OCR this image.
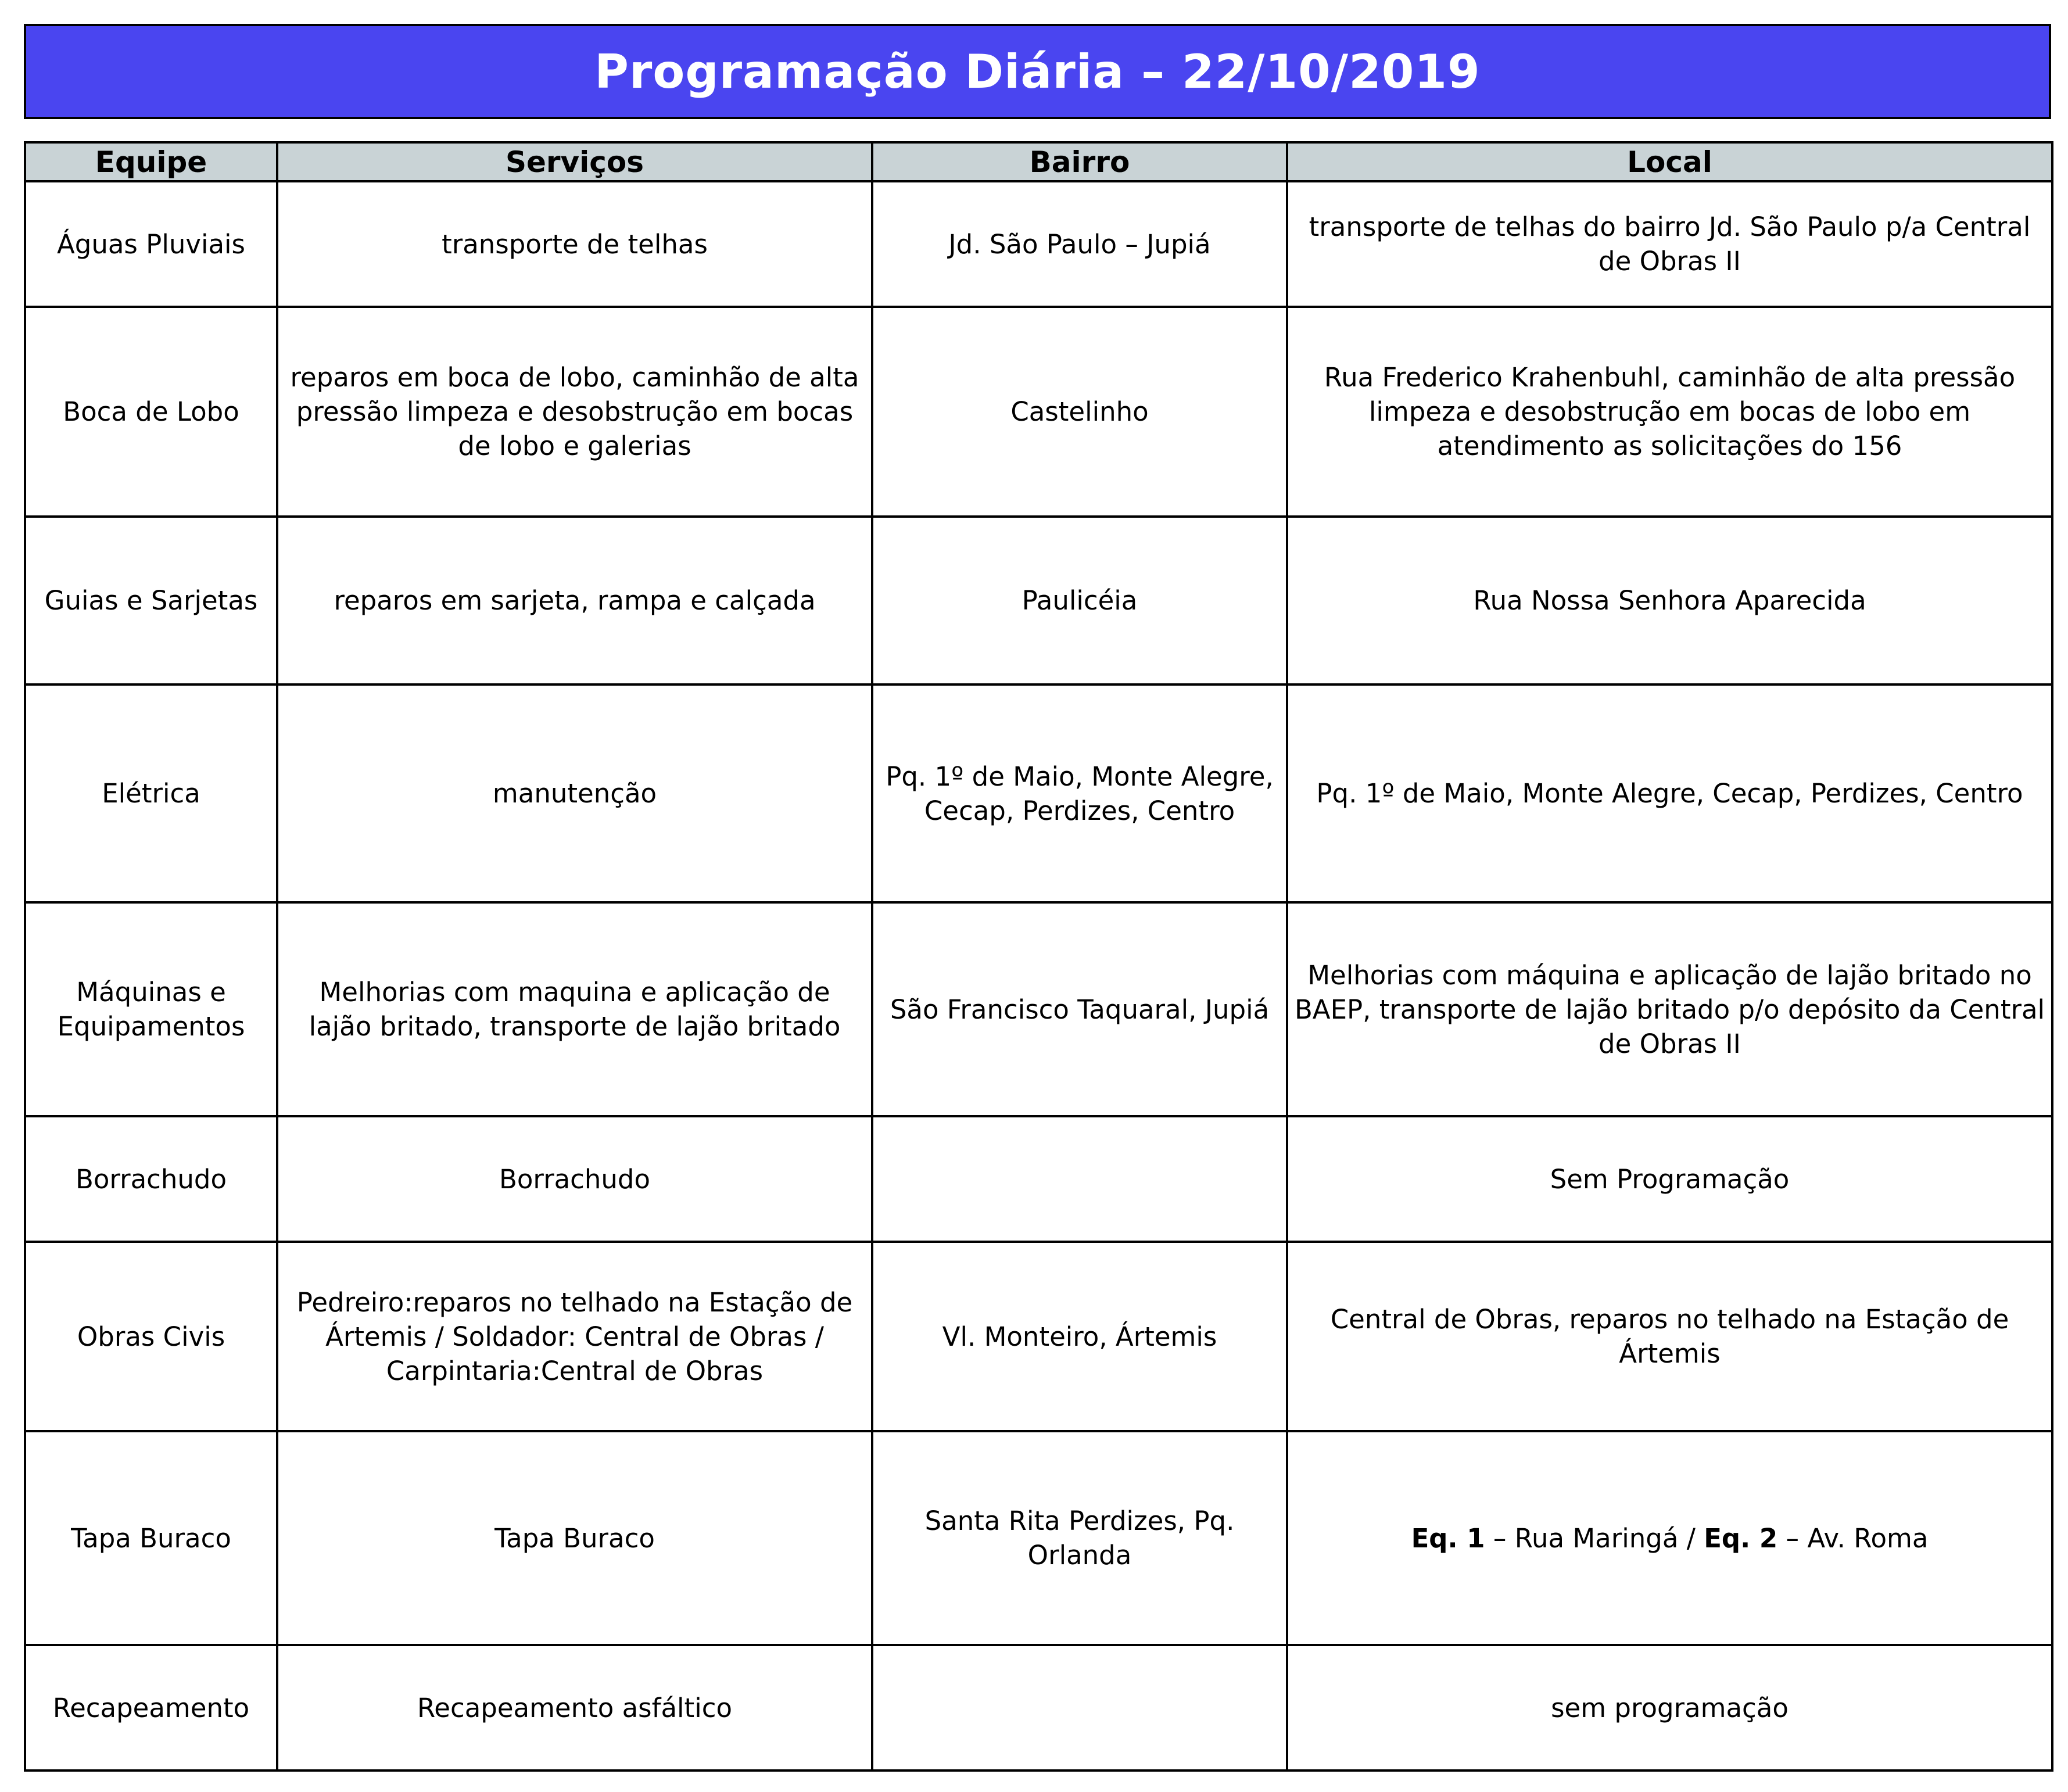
Programação Diária – 22/10/2019
Equipe	Serviços	Bairro	Local
Águas Pluviais	transporte de telhas	Jd. São Paulo – Jupiá	transporte de telhas do bairro Jd. São Paulo p/a Central de Obras II
Boca de Lobo	reparos em boca de lobo, caminhão de alta pressão limpeza e desobstrução em bocas de lobo e galerias	Castelinho	Rua Frederico Krahenbuhl, caminhão de alta pressão limpeza e desobstrução em bocas de lobo em atendimento as solicitações do 156
Guias e Sarjetas	reparos em sarjeta, rampa e calçada	Paulicéia	Rua Nossa Senhora Aparecida
Elétrica	manutenção	Pq. 1º de Maio, Monte Alegre, Cecap, Perdizes, Centro	Pq. 1º de Maio, Monte Alegre, Cecap, Perdizes, Centro
Máquinas e Equipamentos	Melhorias com maquina e aplicação de lajão britado, transporte de lajão britado	São Francisco Taquaral, Jupiá	Melhorias com máquina e aplicação de lajão britado no BAEP, transporte de lajão britado p/o depósito da Central de Obras II
Borrachudo	Borrachudo		Sem Programação
Obras Civis	Pedreiro:reparos no telhado na Estação de Ártemis / Soldador: Central de Obras / Carpintaria:Central de Obras	Vl. Monteiro, Ártemis	Central de Obras, reparos no telhado na Estação de Ártemis
Tapa Buraco	Tapa Buraco	Santa Rita Perdizes, Pq. Orlanda	Eq. 1 – Rua Maringá / Eq. 2 – Av. Roma
Recapeamento	Recapeamento asfáltico		sem programação
